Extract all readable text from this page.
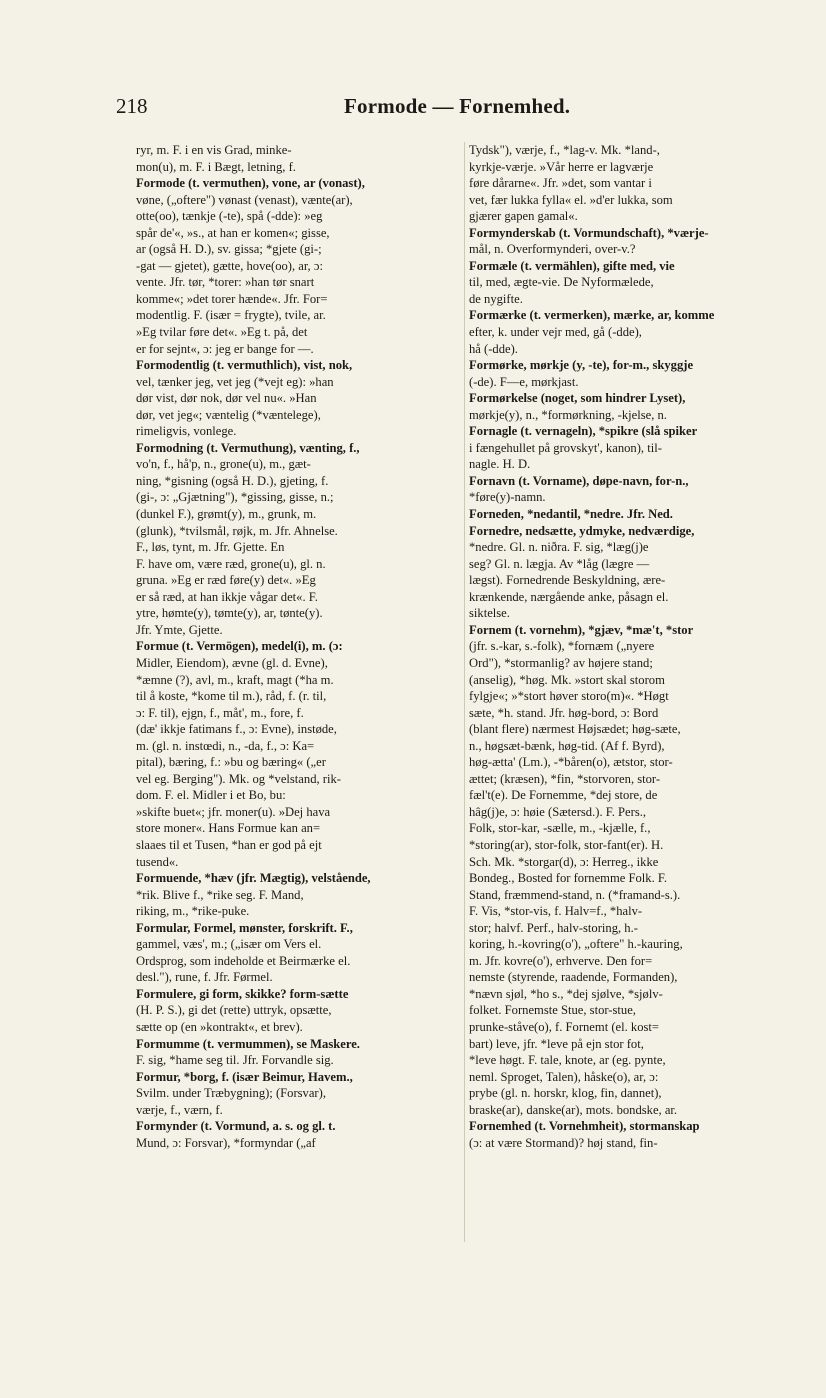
218	Formode — Fornemhed.
ryr, m. F. i en vis Grad, minke-
mon(u), m. F. i Bægt, letning, f.
Formode (t. vermuthen), vone, ar (vonast),
vøne, („oftere") vønast (venast), vænte(ar),
otte(oo), tænkje (-te), spå (-dde): »eg
spår de'«, »s., at han er komen«; gisse,
ar (også H. D.), sv. gissa; *gjete (gi-;
-gat — gjetet), gætte, hove(oo), ar, ɔ:
vente. Jfr. tør, *torer: »han tør snart
komme«; »det torer hænde«. Jfr. For=
modentlig. F. (især = frygte), tvile, ar.
»Eg tvilar føre det«. »Eg t. på, det
er for sejnt«, ɔ: jeg er bange for —.
Formodentlig (t. vermuthlich), vist, nok,
vel, tænker jeg, vet jeg (*vejt eg): »han
dør vist, dør nok, dør vel nu«. »Han
dør, vet jeg«; væntelig (*væntelege),
rimeligvis, vonlege.
Formodning (t. Vermuthung), vænting, f.,
vo'n, f., hå'p, n., grone(u), m., gæt-
ning, *gisning (også H. D.), gjeting, f.
(gi-, ɔ: „Gjætning"), *gissing, gisse, n.;
(dunkel F.), grømt(y), m., grunk, m.
(glunk), *tvilsmål, røjk, m. Jfr. Ahnelse.
F., løs, tynt, m. Jfr. Gjette. En
F. have om, være ræd, grone(u), gl. n.
gruna. »Eg er ræd føre(y) det«. »Eg
er så ræd, at han ikkje vågar det«. F.
ytre, hømte(y), tømte(y), ar, tønte(y).
Jfr. Ymte, Gjette.
Formue (t. Vermögen), medel(i), m. (ɔ:
Midler, Eiendom), ævne (gl. d. Evne),
*æmne (?), avl, m., kraft, magt (*ha m.
til å koste, *kome til m.), råd, f. (r. til,
ɔ: F. til), ejgn, f., måt', m., fore, f.
(dæ' ikkje fatimans f., ɔ: Evne), instøde,
m. (gl. n. instœdi, n., -da, f., ɔ: Ka=
pital), bæring, f.: »bu og bæring« („er
vel eg. Berging"). Mk. og *velstand, rik-
dom. F. el. Midler i et Bo, bu:
»skifte buet«; jfr. moner(u). »Dej hava
store moner«. Hans Formue kan an=
slaaes til et Tusen, *han er god på ejt
tusend«.
Formuende, *hæv (jfr. Mægtig), velstående,
*rik. Blive f., *rike seg. F. Mand,
riking, m., *rike-puke.
Formular, Formel, mønster, forskrift. F.,
gammel, væs', m.; („især om Vers el.
Ordsprog, som indeholde et Beirmærke el.
desl."), rune, f. Jfr. Førmel.
Formulere, gi form, skikke? form-sætte
(H. P. S.), gi det (rette) uttryk, opsætte,
sætte op (en »kontrakt«, et brev).
Formumme (t. vermummen), se Maskere.
F. sig, *hame seg til. Jfr. Forvandle sig.
Formur, *borg, f. (især Beimur, Havem.,
Svilm. under Træbygning); (Forsvar),
værje, f., værn, f.
Formynder (t. Vormund, a. s. og gl. t.
Mund, ɔ: Forsvar), *formyndar („af
Tydsk"), værje, f., *lag-v. Mk. *land-,
kyrkje-værje. »Vår herre er lagværje
føre dårarne«. Jfr. »det, som vantar i
vet, fær lukka fylla« el. »d'er lukka, som
gjærer gapen gamal«.
Formynderskab (t. Vormundschaft), *værje-
mål, n. Overformynderi, over-v.?
Formæle (t. vermählen), gifte med, vie
til, med, ægte-vie. De Nyformælede,
de nygifte.
Formærke (t. vermerken), mærke, ar, komme
efter, k. under vejr med, gå (-dde),
hå (-dde).
Formørke, mørkje (y, -te), for-m., skyggje
(-de). F—e, mørkjast.
Formørkelse (noget, som hindrer Lyset),
mørkje(y), n., *formørkning, -kjelse, n.
Fornagle (t. vernageln), *spikre (slå spiker
i fængehullet på grovskyt', kanon), til-
nagle. H. D.
Fornavn (t. Vorname), døpe-navn, for-n.,
*føre(y)-namn.
Forneden, *nedantil, *nedre. Jfr. Ned.
Fornedre, nedsætte, ydmyke, nedværdige,
*nedre. Gl. n. niðra. F. sig, *læg(j)e
seg? Gl. n. lægja. Av *låg (lægre —
lægst). Fornedrende Beskyldning, ære-
krænkende, nærgående anke, påsagn el.
siktelse.
Fornem (t. vornehm), *gjæv, *mæ't, *stor
(jfr. s.-kar, s.-folk), *fornæm („nyere
Ord"), *stormanlig? av højere stand;
(anselig), *høg. Mk. »stort skal storom
fylgje«; »*stort høver storo(m)«. *Høgt
sæte, *h. stand. Jfr. høg-bord, ɔ: Bord
(blant flere) nærmest Højsædet; høg-sæte,
n., høgsæt-bænk, høg-tid. (Af f. Byrd),
høg-ætta' (Lm.), -*båren(o), ætstor, stor-
ættet; (kræsen), *fin, *storvoren, stor-
fæl't(e). De Fornemme, *dej store, de
hâg(j)e, ɔ: høie (Sætersd.). F. Pers.,
Folk, stor-kar, -sælle, m., -kjælle, f.,
*storing(ar), stor-folk, stor-fant(er). H.
Sch. Mk. *storgar(d), ɔ: Herreg., ikke
Bondeg., Bosted for fornemme Folk. F.
Stand, fræmmend-stand, n. (*framand-s.).
F. Vis, *stor-vis, f. Halv=f., *halv-
stor; halvf. Perf., halv-storing, h.-
koring, h.-kovring(o'), „oftere" h.-kauring,
m. Jfr. kovre(o'), erhverve. Den for=
nemste (styrende, raadende, Formanden),
*nævn sjøl, *ho s., *dej sjølve, *sjølv-
folket. Fornemste Stue, stor-stue,
prunke-ståve(o), f. Fornemt (el. kost=
bart) leve, jfr. *leve på ejn stor fot,
*leve høgt. F. tale, knote, ar (eg. pynte,
neml. Sproget, Talen), håske(o), ar, ɔ:
prybe (gl. n. horskr, klog, fin, dannet),
braske(ar), danske(ar), mots. bondske, ar.
Fornemhed (t. Vornehmheit), stormanskap
(ɔ: at være Stormand)? høj stand, fin-
